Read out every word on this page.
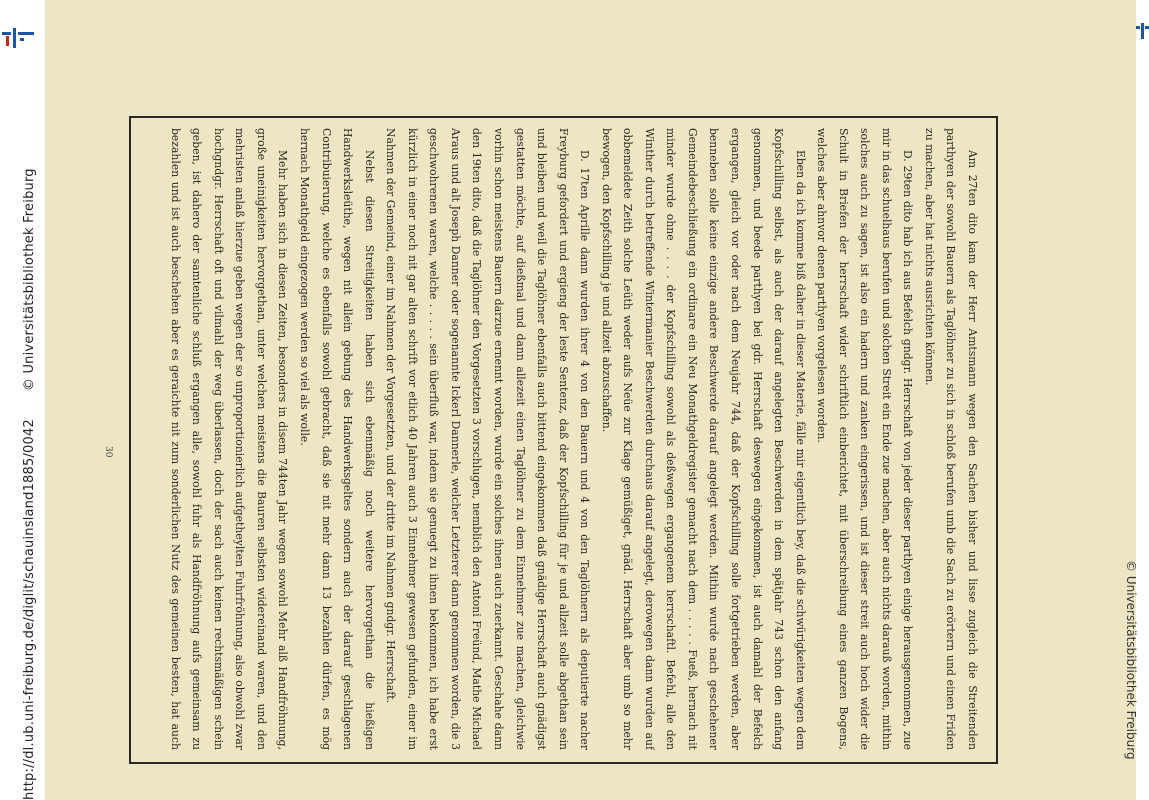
http://dl.ub.uni-freiburg.de/diglit/schauinsland1885/0042© Universitätsbibliothek Freiburg
30	Am 27ten dito kam der Herr Amtsmann wegen den Sachen bisher und lisse zugleich die Streitenden parthyen der sowohl Bauern als Taglöhner zu sich in schloß berufen umb die Sach zu erörtern und einen Friden zu machen, aber hat nichts ausrichten können.

D. 29ten dito hab ich aus Befelch gndgr. Herrschaft von jeder dieser parthyen einige herausgenommen, zue mir in das schuelhaus berufen und solchen Streit ein Ende zue machen, aber auch nichts darauß worden, mithin solches auch zu sagen, ist also ein hadern und zanken eingerissen, und ist dieser streit auch hoch wider die Schult in Briefen der herrschaft wider schriftlich einberichtet, mit überschreibung eines ganzen Bogens, welches aber ahnvor denen parthyen vorgelesen worden.

Eben da ich komme biß daher in dieser Materie, fälle mir eigentlich bey, daß die schwürigkeiten wegen dem Kopfschilling selbst, als auch der darauf angelegten Beschwerden in dem spätjahr 743 schon den anfang genommen, und beede parthyen bei gdr. Herrschaft deswegen eingekommen, ist auch damahl der Befelch ergangen, gleich vor oder nach dem Neujahr 744, daß der Kopfschilling solle fortgetrieben werden, aber benneben solle keine einzige andere Beschwerde darauf angelegt werden. Mithin wurde nach geschehener Gemeindebeschließung ein ordinare ein Neu Monathgeldregister gemacht nach dem . . . . . Fueß, hernach nit minder wurde ohne . . . . der Kopfschilling sowohl als deßwegen ergangenem herrschaftl. Befehl, alle den Winther durch betreffende Wintermanier Beschwerden durchaus darauf angelegt, derowegen dann wurden auf obbemeldete Zeith solche Leüth weder aufs Neüe zur Klage gemüßiget, gnäd. Herrschaft aber umb so mehr bewogen, den Kopfschilling je und allzeit abzuschaffen.

D. 17ten Aprille dann wurden ihrer 4 von den Bauern und 4 von den Taglöhnern als deputierte nacher Freyburg gefordert und ergieng der leste Sentenz, daß der Kopfschilling für je und allzeit solle abgethan sein und bleiben und weil die Taglöhner ebenfalls auch bittend eingekommen daß gnädige Herrschaft auch gnädigst gestatten möchte, auf dießmal und dann allezeit einen Taglöhner zu dem Einnehmer zue machen, gleichwie vorhin schon meistens Bauern darzue ernennt worden, wurde ein solches ihnen auch zuerkannt. Geschahe dann den 19ten dito, daß die Taglöhner den Vorgesetzten 3 vorschlugen, nemblich den Antoni Freünd, Mathe Michael Araus und alt Joseph Danner oder sogenannte Ickerl Dannerle, welcher Letzterer dann genommen worden, die 3 geschwohrenen waren, welche . . . . . sein überfluß war, indem sie genuegt zu ihnen bekommen, ich habe erst kürzlich in einer noch nit gar alten schrift vor etlich 40 Jahren auch 3 Einnehmer gewesen gefunden, einer im Nahmen der Gemeind, einer im Nahmen der Vorgesetzten, und der dritte im Nahmen gndgr. Herrschaft.

Nebst diesen Streitigkeiten haben sich ebenmäßig noch weitere hervorgethan die hießigen Handwerksleüthe, wegen nit allein gebung des Handwerksgeltes sondern auch der darauf geschlagenen Contribuierung, welche es ebenfalls sowohl gebracht, daß sie nit mehr dann 13 bezahlen dürfen, es mög hernach Monathgeld eingezogen werden so viel als wolle.

Mehr haben sich in diesen Zeiten, besonders in disem 744ten Jahr wegen sowohl Mehr alß Handfröhnung, große uneinigkeiten hervorgethan, unter welchen meistens die Bauren selbsten widereinand waren, und den mehristen anlaß hierzue geben wegen der so unproportionierlich aufgetheylten Fuhrfröhnung, also obwohl zwar hochgndgr. Herrschaft oft und vilmahl der weg überlassen, doch der sach auch keinen rechtsmäßigen schein geben, ist dahero der samtenliche schluß ergangen alle, sowohl fuhr als Handfröhnung aufs gemeinsam zu bezahlen und ist auch beschehen aber es geraichte nit zum sonderlichen Nutz des gemeinen besten, hat auch	© Universitätsbibliothek Freiburg
